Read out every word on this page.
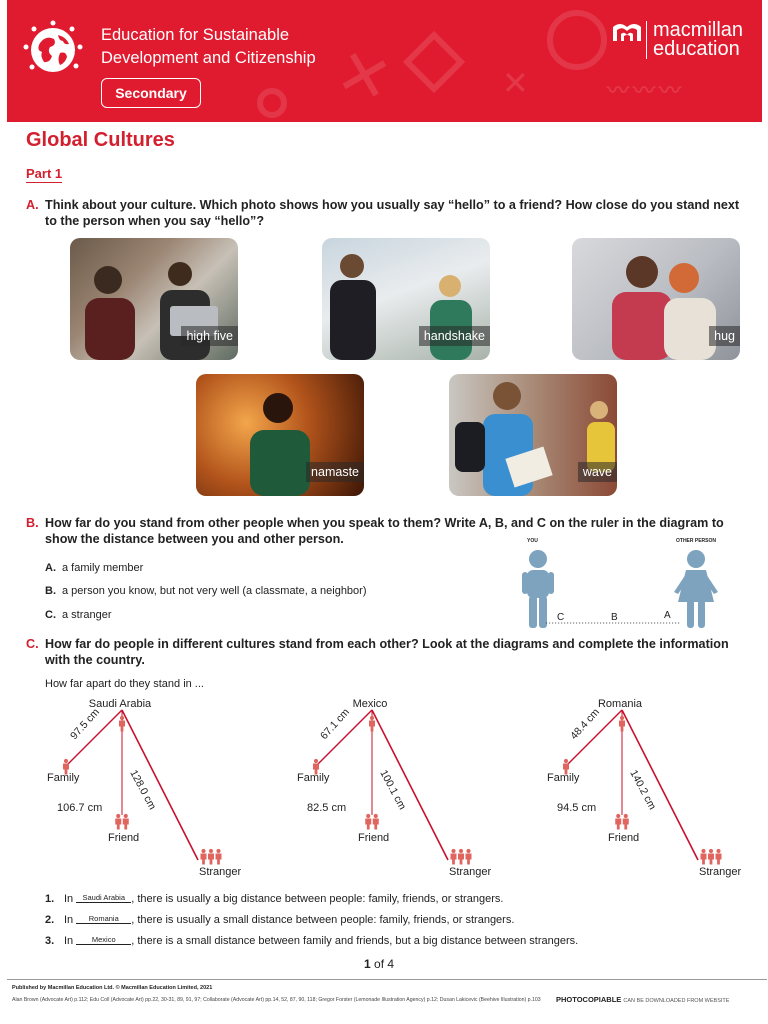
✕	✕	〰〰〰
Education for Sustainable
Development and Citizenship
Secondary
macmillan
education
Global Cultures
Part 1
A. Think about your culture. Which photo shows how you usually say “hello” to a friend? How close do you stand next to the person when you say “hello”?
high five	handshake	hug
namaste	wave
B. How far do you stand from other people when you speak to them? Write A, B, and C on the ruler in the diagram to show the distance between you and other person.
A. a family member
B. a person you know, but not very well (a classmate, a neighbor)
C. a stranger
YOU	OTHER PERSON
C	B	A
C. How far do people in different cultures stand from each other? Look at the diagrams and complete the information with the country.
How far apart do they stand in ...
Saudi Arabia
Family
106.7 cm
Friend
Stranger
97.5 cm
128.0 cm
Mexico
Family
82.5 cm
Friend
Stranger
67.1 cm
100.1 cm
Romania
Family
94.5 cm
Friend
Stranger
48.4 cm
140.2 cm
1. In Saudi Arabia , there is usually a big distance between people: family, friends, or strangers.
2. In Romania , there is usually a small distance between people: family, friends, or strangers.
3. In Mexico , there is a small distance between family and friends, but a big distance between strangers.
1 of 4
Published by Macmillan Education Ltd. © Macmillan Education Limited, 2021
Alan Brown (Advocate Art) p.112; Edu Coll (Advocate Art) pp.22, 30-31, 89, 91, 97; Collaborate (Advocate Art) pp.14, 52, 87, 90, 118; Gregor Forster (Lemonade Illustration Agency) p.12; Dusan Lakicevic (Beehive Illustration) p.103	PHOTOCOPIABLE CAN BE DOWNLOADED FROM WEBSITE
